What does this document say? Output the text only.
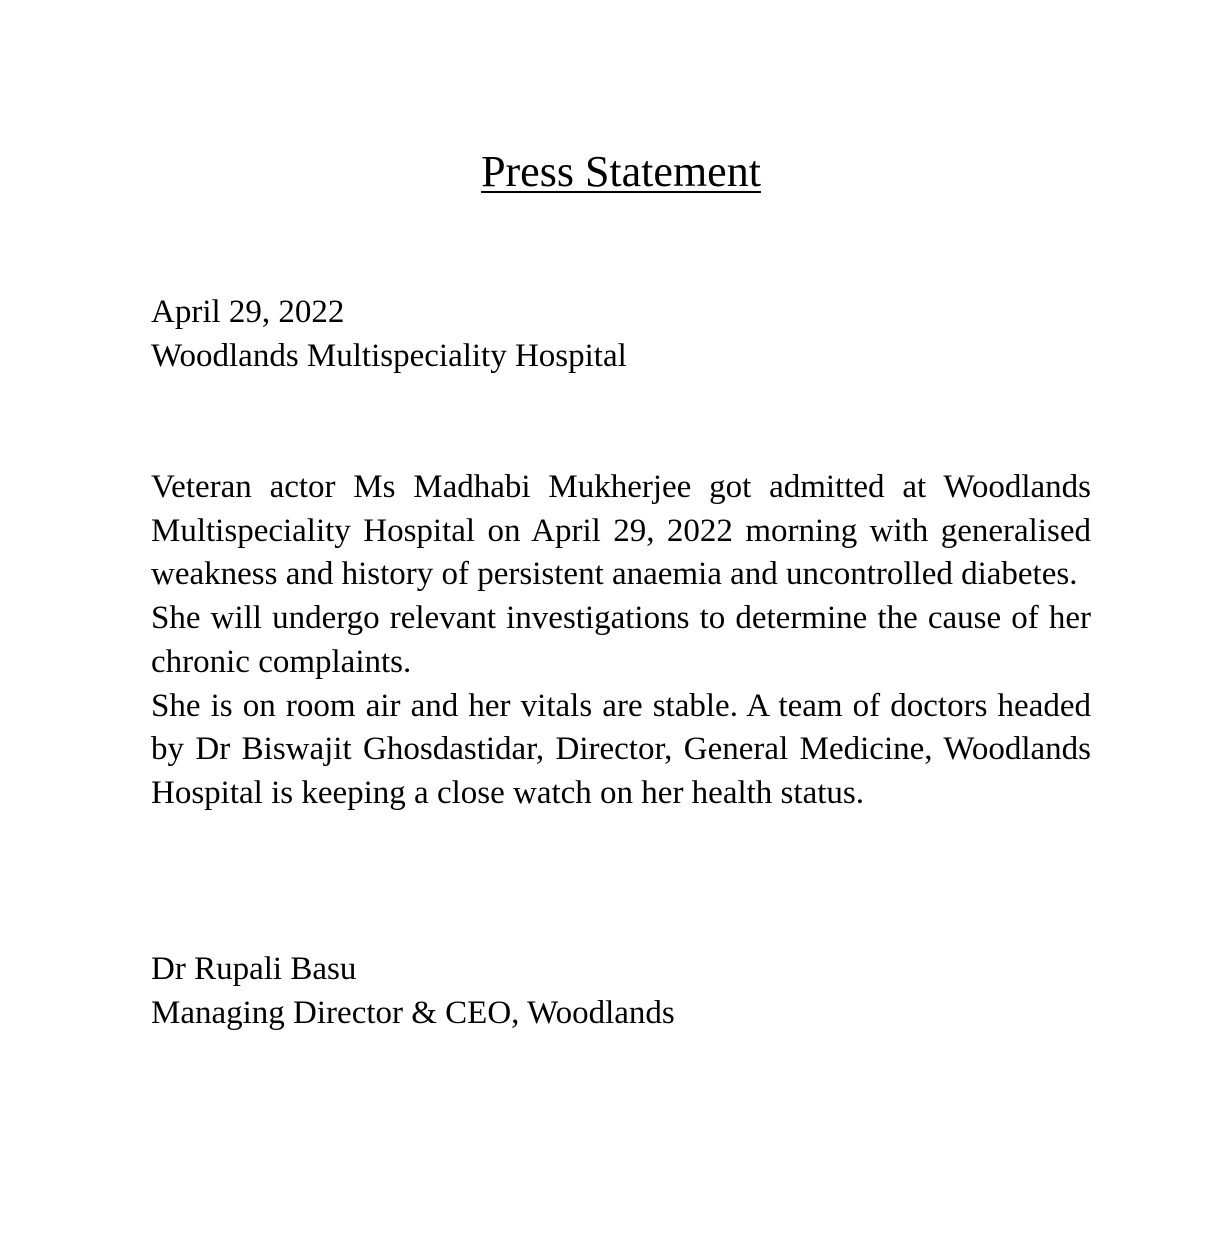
Press Statement
April 29, 2022
Woodlands Multispeciality Hospital

Veteran actor Ms Madhabi Mukherjee got admitted at Woodlands Multispeciality Hospital on April 29, 2022 morning with generalised weakness and history of persistent anaemia and uncontrolled diabetes.

She will undergo relevant investigations to determine the cause of her chronic complaints.

She is on room air and her vitals are stable. A team of doctors headed by Dr Biswajit Ghosdastidar, Director, General Medicine, Woodlands Hospital is keeping a close watch on her health status.

Dr Rupali Basu
Managing Director & CEO, Woodlands
